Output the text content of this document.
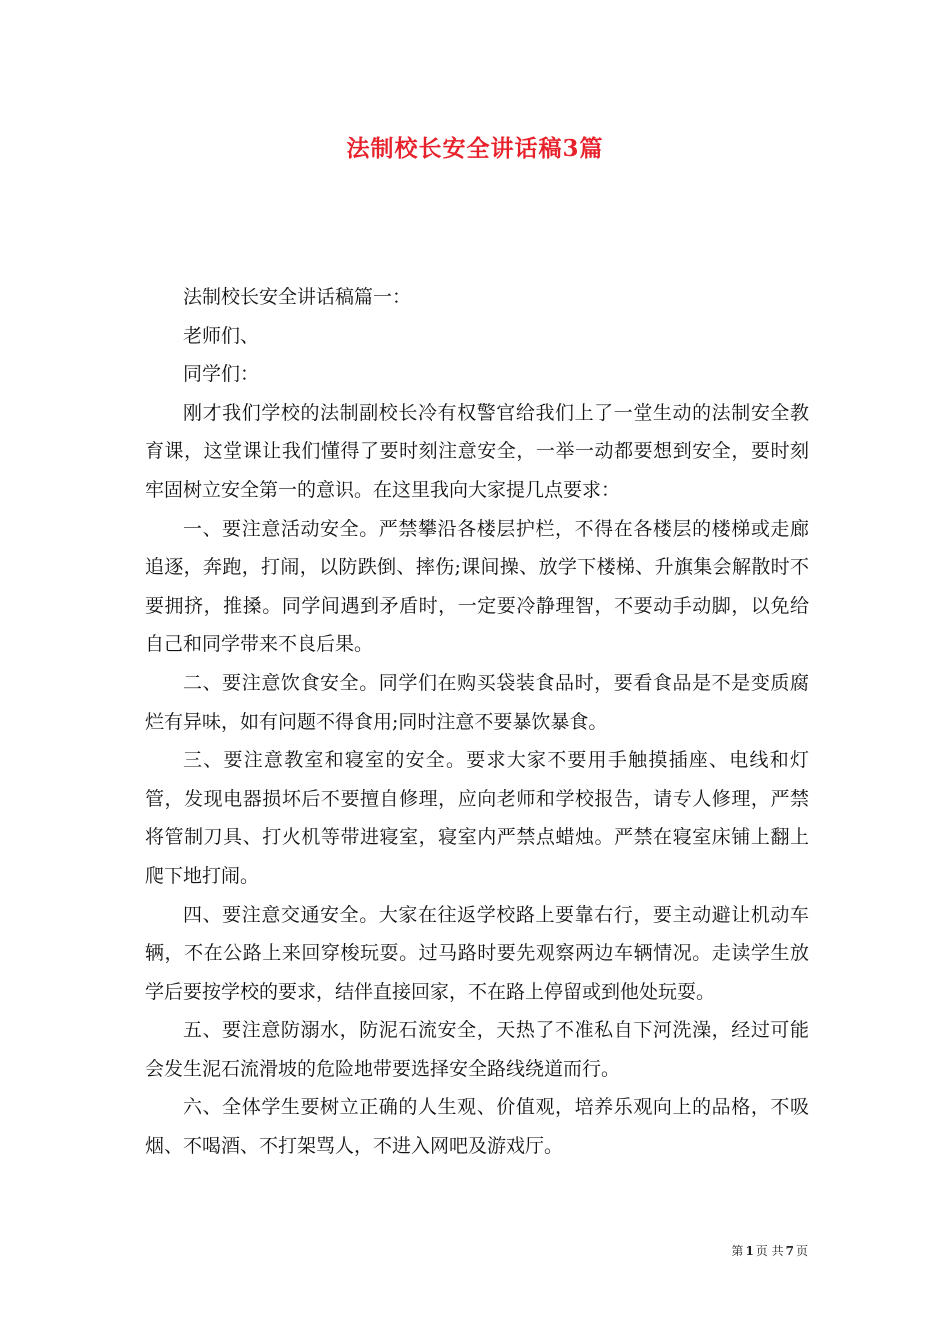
法制校长安全讲话稿3篇

法制校长安全讲话稿篇一：

老师们、

同学们：

刚才我们学校的法制副校长冷有权警官给我们上了一堂生动的法制安全教育课，这堂课让我们懂得了要时刻注意安全，一举一动都要想到安全，要时刻牢固树立安全第一的意识。在这里我向大家提几点要求：

一、要注意活动安全。严禁攀沿各楼层护栏，不得在各楼层的楼梯或走廊追逐，奔跑，打闹，以防跌倒、摔伤;课间操、放学下楼梯、升旗集会解散时不要拥挤，推搡。同学间遇到矛盾时，一定要冷静理智，不要动手动脚，以免给自己和同学带来不良后果。

二、要注意饮食安全。同学们在购买袋装食品时，要看食品是不是变质腐烂有异味，如有问题不得食用;同时注意不要暴饮暴食。

三、要注意教室和寝室的安全。要求大家不要用手触摸插座、电线和灯管，发现电器损坏后不要擅自修理，应向老师和学校报告，请专人修理，严禁将管制刀具、打火机等带进寝室，寝室内严禁点蜡烛。严禁在寝室床铺上翻上爬下地打闹。

四、要注意交通安全。大家在往返学校路上要靠右行，要主动避让机动车辆，不在公路上来回穿梭玩耍。过马路时要先观察两边车辆情况。走读学生放学后要按学校的要求，结伴直接回家，不在路上停留或到他处玩耍。

五、要注意防溺水，防泥石流安全，天热了不准私自下河洗澡，经过可能会发生泥石流滑坡的危险地带要选择安全路线绕道而行。

六、全体学生要树立正确的人生观、价值观，培养乐观向上的品格，不吸烟、不喝酒、不打架骂人，不进入网吧及游戏厅。

第 1 页 共 7 页
